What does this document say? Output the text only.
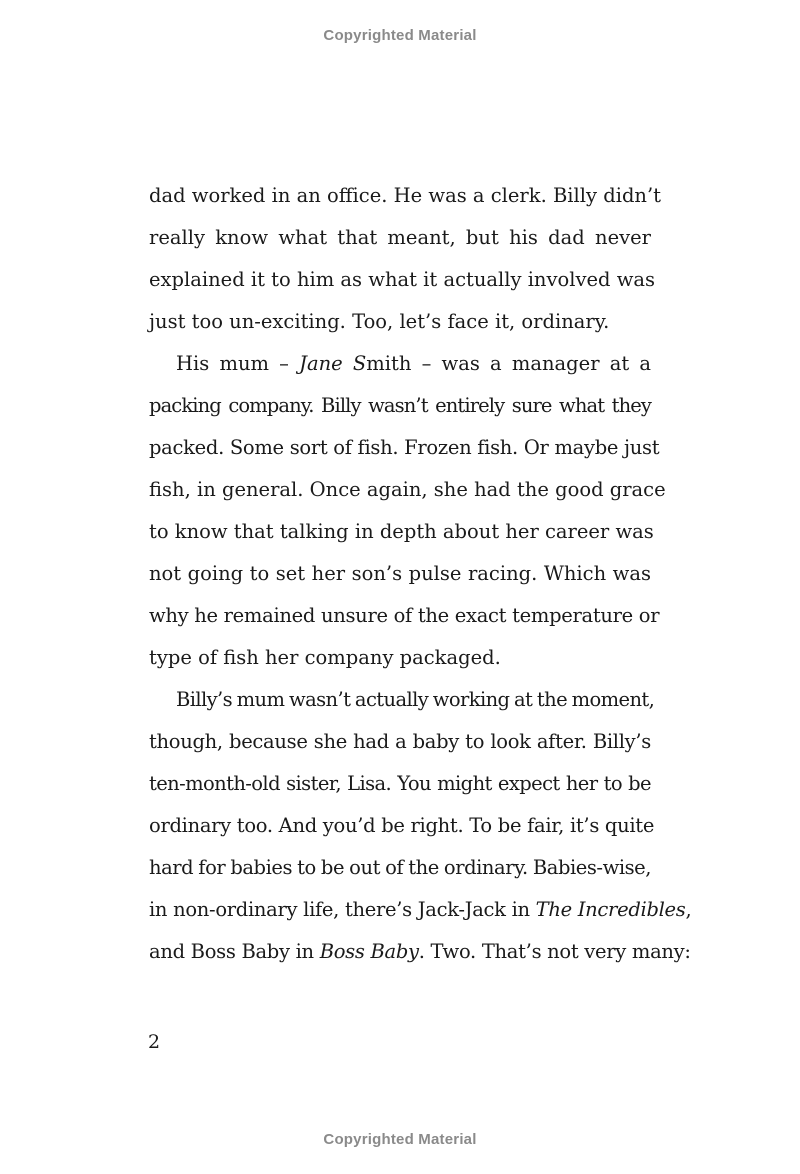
Copyrighted Material
dad worked in an office. He was a clerk. Billy didn’t
really know what that meant, but his dad never
explained it to him as what it actually involved was
just too un-exciting. Too, let’s face it, ordinary.
His mum – Jane Smith – was a manager at a
packing company. Billy wasn’t entirely sure what they
packed. Some sort of fish. Frozen fish. Or maybe just
fish, in general. Once again, she had the good grace
to know that talking in depth about her career was
not going to set her son’s pulse racing. Which was
why he remained unsure of the exact temperature or
type of fish her company packaged.
Billy’s mum wasn’t actually working at the moment,
though, because she had a baby to look after. Billy’s
ten-month-old sister, Lisa. You might expect her to be
ordinary too. And you’d be right. To be fair, it’s quite
hard for babies to be out of the ordinary. Babies-wise,
in non-ordinary life, there’s Jack-Jack in The Incredibles,
and Boss Baby in Boss Baby. Two. That’s not very many:
2
Copyrighted Material
